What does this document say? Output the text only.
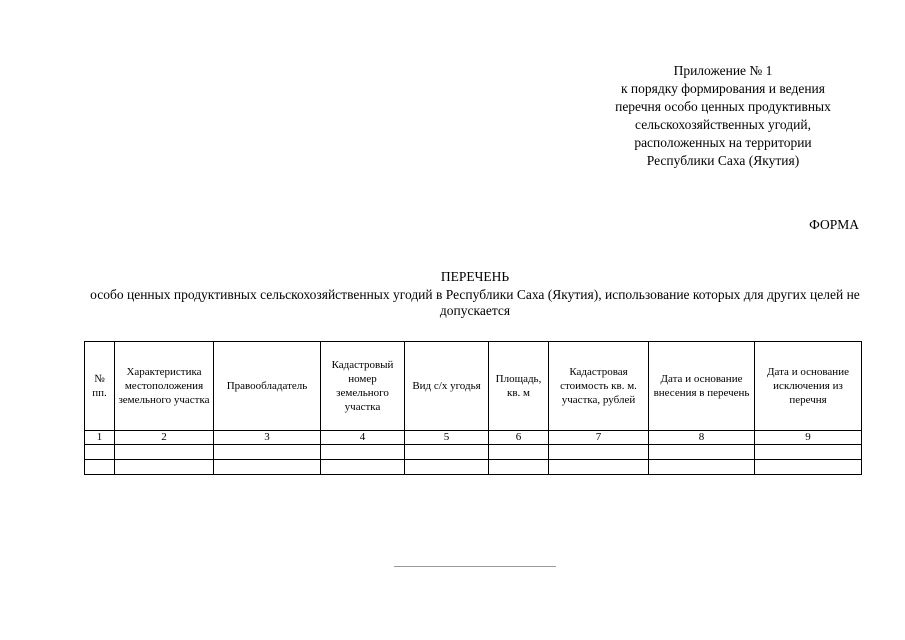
Приложение № 1
к порядку формирования и ведения
перечня особо ценных продуктивных
сельскохозяйственных угодий,
расположенных на территории
Республики Саха (Якутия)
ФОРМА
ПЕРЕЧЕНЬ
особо ценных продуктивных сельскохозяйственных угодий в Республики Саха (Якутия), использование которых для других целей не допускается
№ пп.	Характеристика местоположения земельного участка	Правообладатель	Кадастровый номер земельного участка	Вид с/х угодья	Площадь, кв. м	Кадастровая стоимость кв. м. участка, рублей	Дата и основание внесения в перечень	Дата и основание исключения из перечня
1	2	3	4	5	6	7	8	9
